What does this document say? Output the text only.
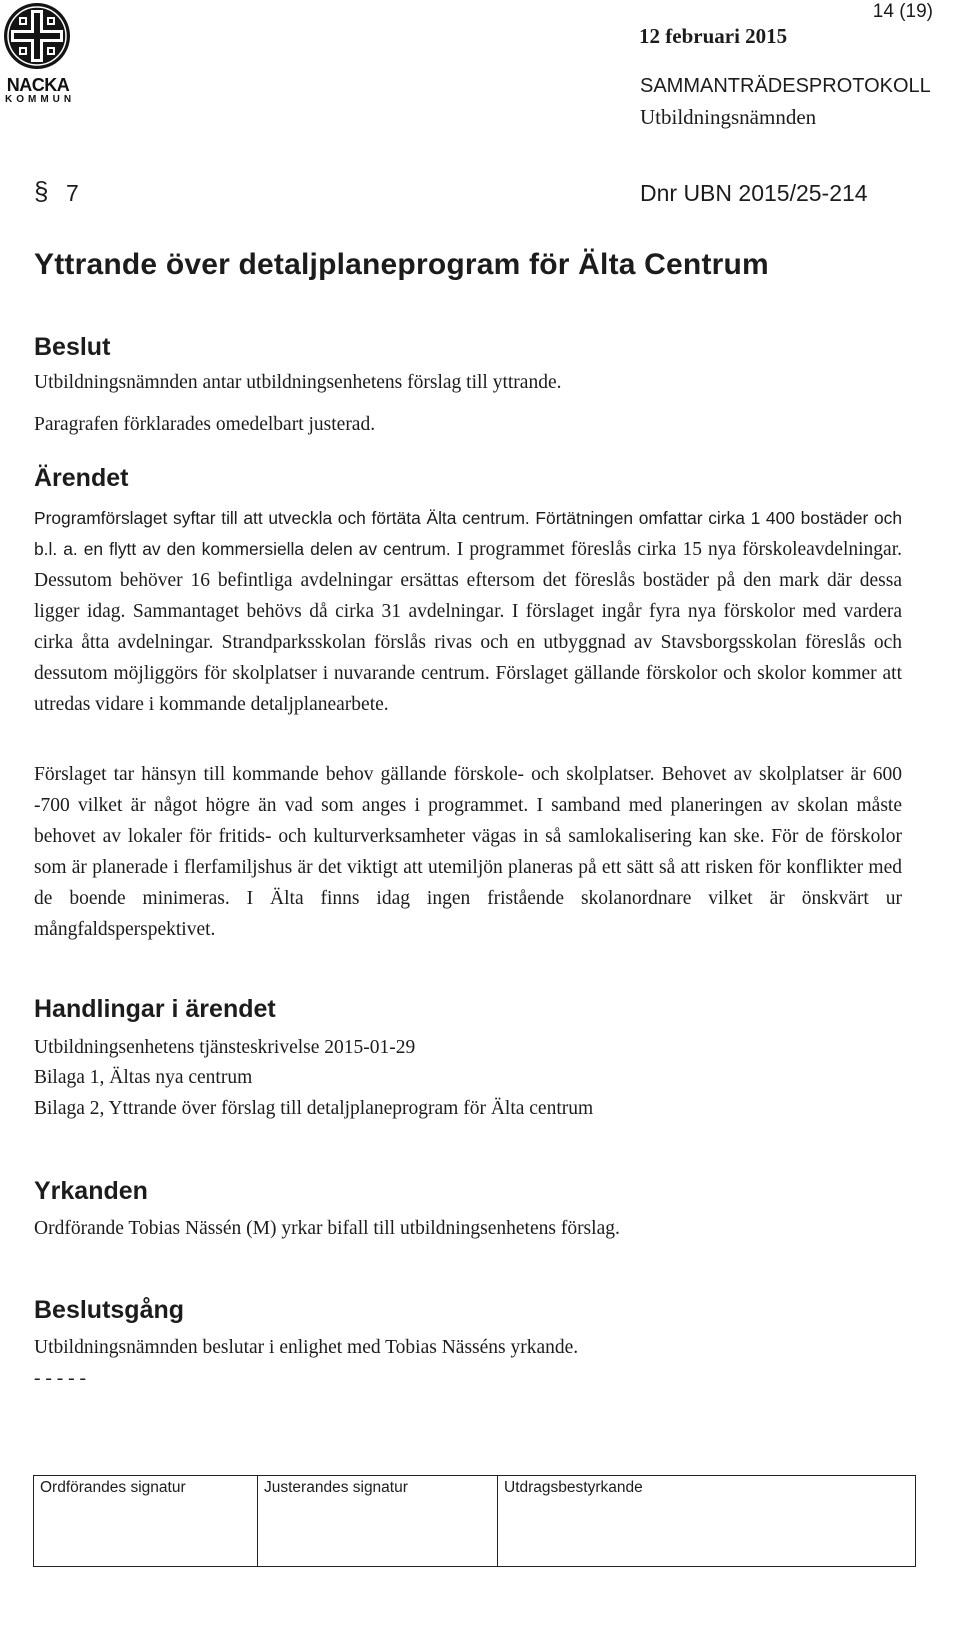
NACKA
KOMMUN
14 (19)
12 februari 2015
SAMMANTRÄDESPROTOKOLL
Utbildningsnämnden
§ 7	Dnr UBN 2015/25-214
Yttrande över detaljplaneprogram för Älta Centrum
Beslut

Utbildningsnämnden antar utbildningsenhetens förslag till yttrande.

Paragrafen förklarades omedelbart justerad.

Ärendet

Programförslaget syftar till att utveckla och förtäta Älta centrum. Förtätningen omfattar cirka 1 400 bostäder och b.l. a. en flytt av den kommersiella delen av centrum. I programmet föreslås cirka 15 nya förskoleavdelningar. Dessutom behöver 16 befintliga avdelningar ersättas eftersom det föreslås bostäder på den mark där dessa ligger idag. Sammantaget behövs då cirka 31 avdelningar. I förslaget ingår fyra nya förskolor med vardera cirka åtta avdelningar. Strandparksskolan förslås rivas och en utbyggnad av Stavsborgsskolan föreslås och dessutom möjliggörs för skolplatser i nuvarande centrum. Förslaget gällande förskolor och skolor kommer att utredas vidare i kommande detaljplanearbete.

Förslaget tar hänsyn till kommande behov gällande förskole- och skolplatser. Behovet av skolplatser är 600 -700 vilket är något högre än vad som anges i programmet. I samband med planeringen av skolan måste behovet av lokaler för fritids- och kulturverksamheter vägas in så samlokalisering kan ske. För de förskolor som är planerade i flerfamiljshus är det viktigt att utemiljön planeras på ett sätt så att risken för konflikter med de boende minimeras. I Älta finns idag ingen fristående skolanordnare vilket är önskvärt ur mångfaldsperspektivet.

Handlingar i ärendet

Utbildningsenhetens tjänsteskrivelse 2015-01-29

Bilaga 1, Ältas nya centrum

Bilaga 2, Yttrande över förslag till detaljplaneprogram för Älta centrum

Yrkanden

Ordförande Tobias Nässén (M) yrkar bifall till utbildningsenhetens förslag.

Beslutsgång

Utbildningsnämnden beslutar i enlighet med Tobias Nässéns yrkande.

- - - - -

Ordförandes signatur	Justerandes signatur	Utdragsbestyrkande
